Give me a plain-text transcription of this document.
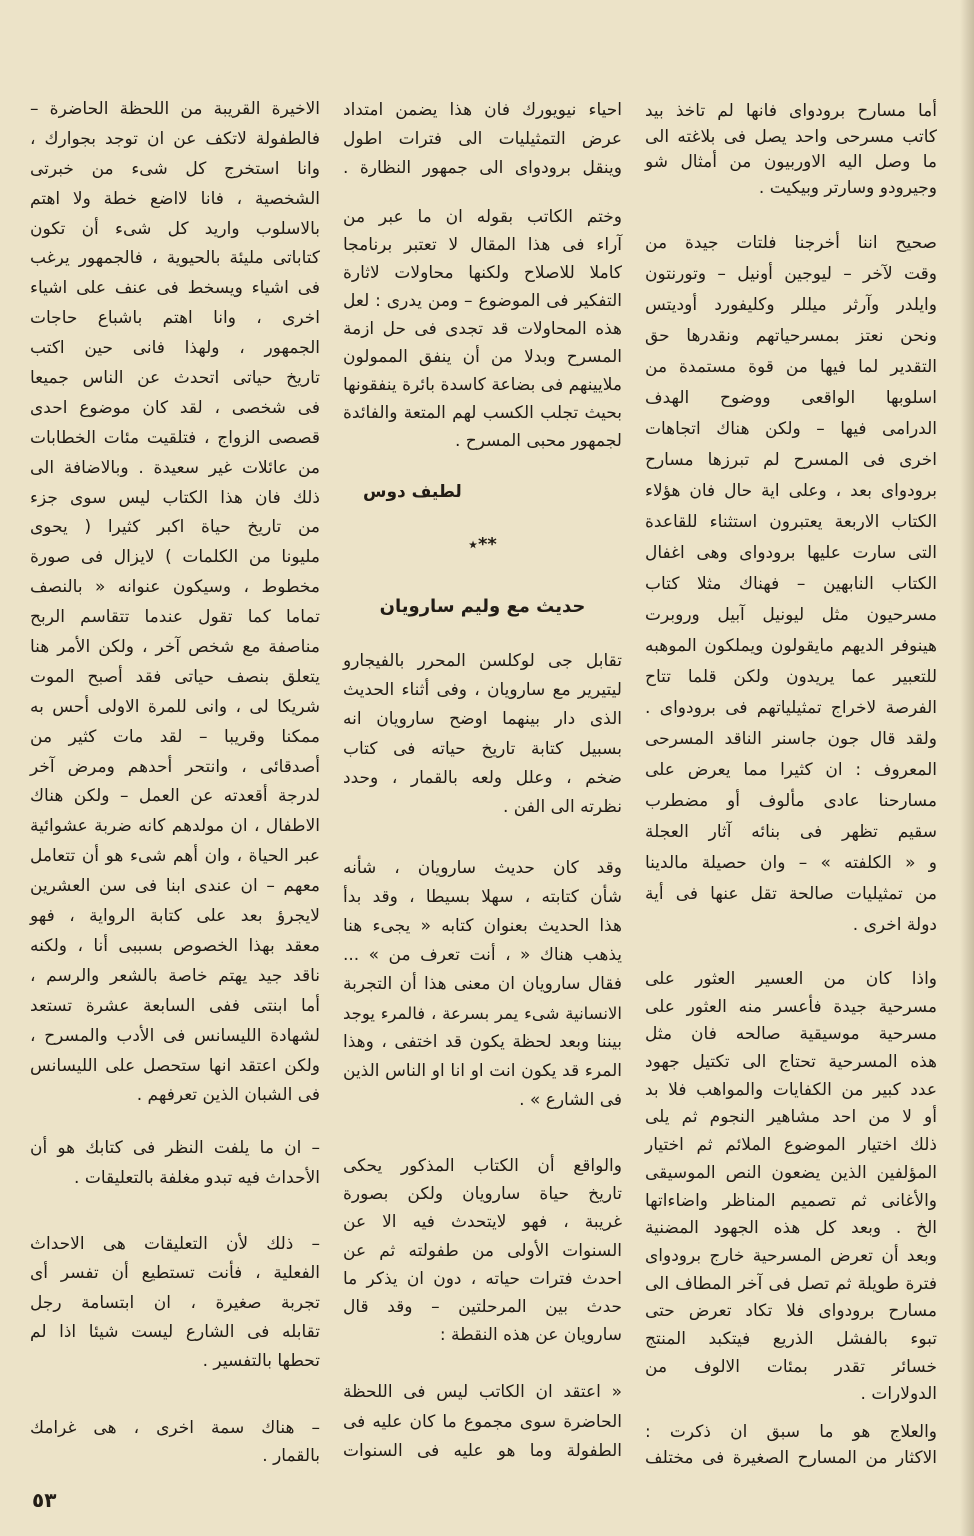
أما مسارح برودواى فانها لم تاخذ بيد
كاتب مسرحى واحد يصل فى بلاغته الى
ما وصل اليه الاوربيون من أمثال شو
وجيرودو وسارتر وبيكيت .
صحيح اننا أخرجنا فلتات جيدة من
وقت لآخر – ليوجين أونيل – وتورنتون
وايلدر وآرثر ميللر وكليفورد أوديتس
ونحن نعتز بمسرحياتهم ونقدرها حق
التقدير لما فيها من قوة مستمدة من
اسلوبها الواقعى ووضوح الهدف
الدرامى فيها – ولكن هناك اتجاهات
اخرى فى المسرح لم تبرزها مسارح
برودواى بعد ، وعلى اية حال فان هؤلاء
الكتاب الاربعة يعتبرون استثناء للقاعدة
التى سارت عليها برودواى وهى اغفال
الكتاب النابهين – فهناك مثلا كتاب
مسرحيون مثل ليونيل آبيل وروبرت
هينوفر الديهم مايقولون ويملكون الموهبه
للتعبير عما يريدون ولكن قلما تتاح
الفرصة لاخراج تمثيلياتهم فى برودواى .
ولقد قال جون جاسنر الناقد المسرحى
المعروف : ان كثيرا مما يعرض على
مسارحنا عادى مألوف أو مضطرب
سقيم تظهر فى بنائه آثار العجلة
و « الكلفته » – وان حصيلة مالدينا
من تمثيليات صالحة تقل عنها فى أية
دولة اخرى .
واذا كان من العسير العثور على
مسرحية جيدة فأعسر منه العثور على
مسرحية موسيقية صالحه فان مثل
هذه المسرحية تحتاج الى تكتيل جهود
عدد كبير من الكفايات والمواهب فلا بد
أو لا من احد مشاهير النجوم ثم يلى
ذلك اختيار الموضوع الملائم ثم اختيار
المؤلفين الذين يضعون النص الموسيقى
والأغانى ثم تصميم المناظر واضاءاتها
الخ . وبعد كل هذه الجهود المضنية
وبعد أن تعرض المسرحية خارج برودواى
فترة طويلة ثم تصل فى آخر المطاف الى
مسارح برودواى فلا تكاد تعرض حتى
تبوء بالفشل الذريع فيتكبد المنتج
خسائر تقدر بمئات الالوف من
الدولارات .
والعلاج هو ما سبق ان ذكرت :
الاكثار من المسارح الصغيرة فى مختلف
احياء نيويورك فان هذا يضمن امتداد
عرض التمثيليات الى فترات اطول
وينقل برودواى الى جمهور النظارة .
وختم الكاتب بقوله ان ما عبر من
آراء فى هذا المقال لا تعتبر برنامجا
كاملا للاصلاح ولكنها محاولات لاثارة
التفكير فى الموضوع – ومن يدرى : لعل
هذه المحاولات قد تجدى فى حل ازمة
المسرح وبدلا من أن ينفق الممولون
ملايينهم فى بضاعة كاسدة بائرة ينفقونها
بحيث تجلب الكسب لهم المتعة والفائدة
لجمهور محبى المسرح .
لطيف دوس
**٭
حديث مع وليم سارويان
تقابل جى لوكلسن المحرر بالفيجارو
ليتيرير مع سارويان ، وفى أثناء الحديث
الذى دار بينهما اوضح سارويان انه
بسبيل كتابة تاريخ حياته فى كتاب
ضخم ، وعلل ولعه بالقمار ، وحدد
نظرته الى الفن .
وقد كان حديث سارويان ، شأنه
شأن كتابته ، سهلا بسيطا ، وقد بدأ
هذا الحديث بعنوان كتابه « يجىء هنا
يذهب هناك « ، أنت تعرف من » ...
فقال سارويان ان معنى هذا أن التجربة
الانسانية شىء يمر بسرعة ، فالمرء يوجد
بيننا وبعد لحظة يكون قد اختفى ، وهذا
المرء قد يكون انت او انا او الناس الذين
فى الشارع » .
والواقع أن الكتاب المذكور يحكى
تاريخ حياة سارويان ولكن بصورة
غريبة ، فهو لايتحدث فيه الا عن
السنوات الأولى من طفولته ثم عن
احدث فترات حياته ، دون ان يذكر ما
حدث بين المرحلتين – وقد قال
سارويان عن هذه النقطة :
« اعتقد ان الكاتب ليس فى اللحظة
الحاضرة سوى مجموع ما كان عليه فى
الطفولة وما هو عليه فى السنوات
الاخيرة القريبة من اللحظة الحاضرة –
فالطفولة لاتكف عن ان توجد بجوارك ،
وانا استخرج كل شىء من خبرتى
الشخصية ، فانا لااضع خطة ولا اهتم
بالاسلوب واريد كل شىء أن تكون
كتاباتى مليئة بالحيوية ، فالجمهور يرغب
فى اشياء ويسخط فى عنف على اشياء
اخرى ، وانا اهتم باشباع حاجات
الجمهور ، ولهذا فانى حين اكتب
تاريخ حياتى اتحدث عن الناس جميعا
فى شخصى ، لقد كان موضوع احدى
قصصى الزواج ، فتلقيت مئات الخطابات
من عائلات غير سعيدة . وبالاضافة الى
ذلك فان هذا الكتاب ليس سوى جزء
من تاريخ حياة اكبر كثيرا ( يحوى
مليونا من الكلمات ) لايزال فى صورة
مخطوط ، وسيكون عنوانه « بالنصف
تماما كما تقول عندما تتقاسم الربح
مناصفة مع شخص آخر ، ولكن الأمر هنا
يتعلق بنصف حياتى فقد أصبح الموت
شريكا لى ، وانى للمرة الاولى أحس به
ممكنا وقريبا – لقد مات كثير من
أصدقائى ، وانتحر أحدهم ومرض آخر
لدرجة أقعدته عن العمل – ولكن هناك
الاطفال ، ان مولدهم كانه ضربة عشوائية
عبر الحياة ، وان أهم شىء هو أن تتعامل
معهم – ان عندى ابنا فى سن العشرين
لايجرؤ بعد على كتابة الرواية ، فهو
معقد بهذا الخصوص بسببى أنا ، ولكنه
ناقد جيد يهتم خاصة بالشعر والرسم ،
أما ابنتى ففى السابعة عشرة تستعد
لشهادة الليسانس فى الأدب والمسرح ،
ولكن اعتقد انها ستحصل على الليسانس
فى الشبان الذين تعرفهم .
– ان ما يلفت النظر فى كتابك هو أن
الأحداث فيه تبدو مغلفة بالتعليقات .
– ذلك لأن التعليقات هى الاحداث
الفعلية ، فأنت تستطيع أن تفسر أى
تجربة صغيرة ، ان ابتسامة رجل
تقابله فى الشارع ليست شيئا اذا لم
تحطها بالتفسير .
– هناك سمة اخرى ، هى غرامك
بالقمار .
٥٣
